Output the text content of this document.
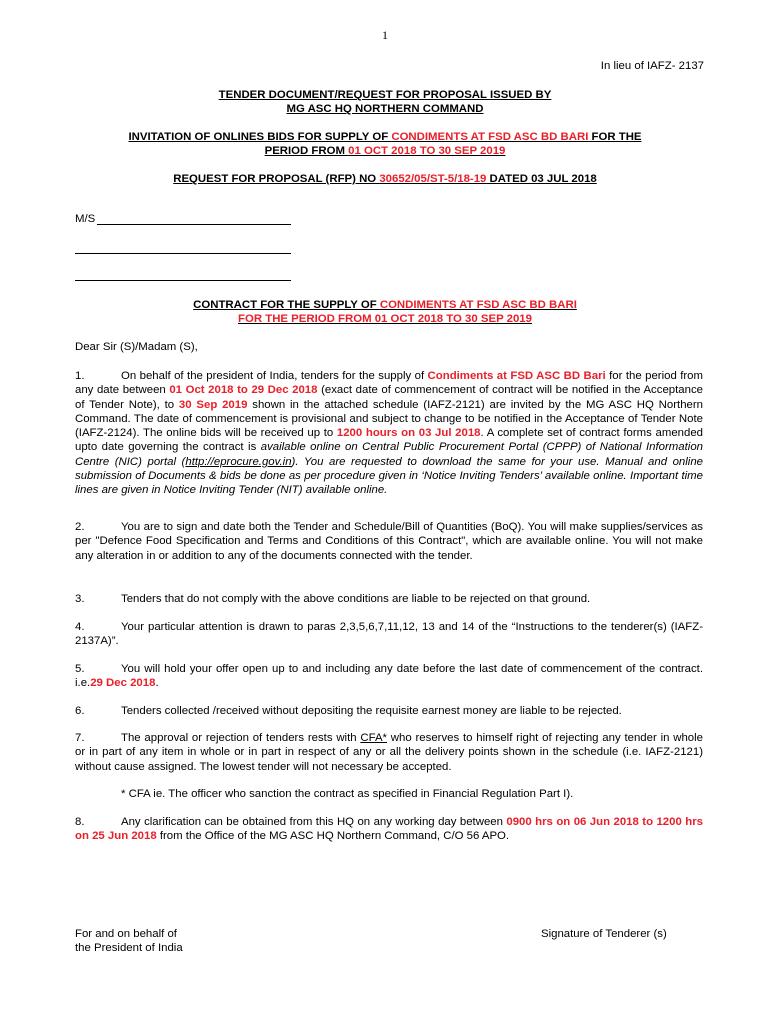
1
In lieu of IAFZ- 2137
TENDER DOCUMENT/REQUEST FOR PROPOSAL ISSUED BY
MG ASC HQ NORTHERN COMMAND
INVITATION OF ONLINES BIDS FOR SUPPLY OF CONDIMENTS AT FSD ASC BD BARI FOR THE
PERIOD FROM 01 OCT 2018 TO 30 SEP 2019
REQUEST FOR PROPOSAL (RFP) NO 30652/05/ST-5/18-19 DATED 03 JUL 2018
M/S
CONTRACT FOR THE SUPPLY OF CONDIMENTS AT FSD ASC BD BARI
FOR THE PERIOD FROM 01 OCT 2018 TO 30 SEP 2019
Dear Sir (S)/Madam (S),
1.	On behalf of the president of India, tenders for the supply of Condiments at FSD ASC BD Bari for the period from any date between 01 Oct 2018 to 29 Dec 2018 (exact date of commencement of contract will be notified in the Acceptance of Tender Note), to 30 Sep 2019 shown in the attached schedule (IAFZ-2121) are invited by the MG ASC HQ Northern Command. The date of commencement is provisional and subject to change to be notified in the Acceptance of Tender Note (IAFZ-2124). The online bids will be received up to 1200 hours on 03 Jul 2018. A complete set of contract forms amended upto date governing the contract is available online on Central Public Procurement Portal (CPPP) of National Information Centre (NIC) portal (http://eprocure.gov.in). You are requested to download the same for your use. Manual and online submission of Documents & bids be done as per procedure given in ‘Notice Inviting Tenders’ available online. Important time lines are given in Notice Inviting Tender (NIT) available online.
2.	You are to sign and date both the Tender and Schedule/Bill of Quantities (BoQ). You will make supplies/services as per "Defence Food Specification and Terms and Conditions of this Contract", which are available online. You will not make any alteration in or addition to any of the documents connected with the tender.
3.	Tenders that do not comply with the above conditions are liable to be rejected on that ground.
4.	Your particular attention is drawn to paras 2,3,5,6,7,11,12, 13 and 14 of the “Instructions to the tenderer(s) (IAFZ-2137A)”.
5.	You will hold your offer open up to and including any date before the last date of commencement of the contract. i.e.29 Dec 2018.
6.	Tenders collected /received without depositing the requisite earnest money are liable to be rejected.
7.	The approval or rejection of tenders rests with CFA* who reserves to himself right of rejecting any tender in whole or in part of any item in whole or in part in respect of any or all the delivery points shown in the schedule (i.e. IAFZ-2121) without cause assigned. The lowest tender will not necessary be accepted.
* CFA ie. The officer who sanction the contract as specified in Financial Regulation Part I).
8.	Any clarification can be obtained from this HQ on any working day between 0900 hrs on 06 Jun 2018 to 1200 hrs on 25 Jun 2018 from the Office of the MG ASC HQ Northern Command, C/O 56 APO.
For and on behalf of
the President of India
Signature of Tenderer (s)
